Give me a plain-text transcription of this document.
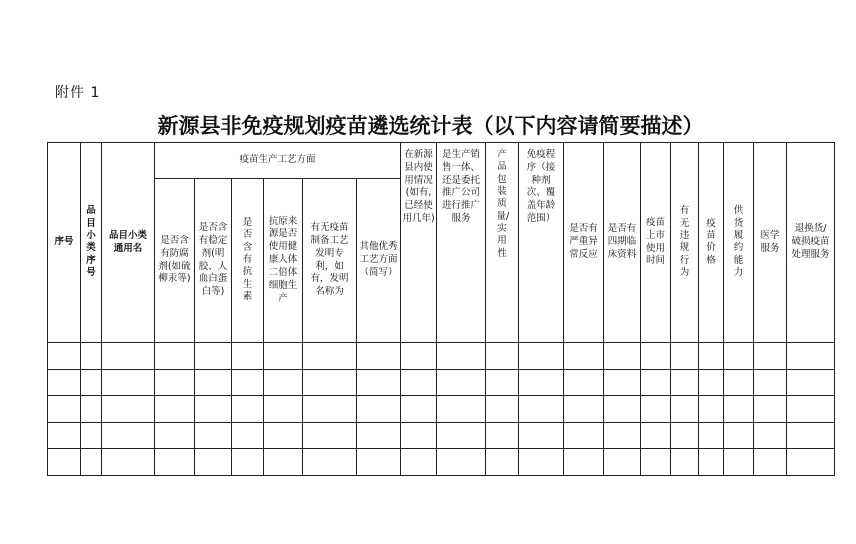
附件 1
新源县非免疫规划疫苗遴选统计表（以下内容请简要描述）
序号	品目小类序号	品目小类通用名	疫苗生产工艺方面						在新源县内使用情况(如有,已经使用几年)	是生产销售一体、还是委托推广公司进行推广服务	产品包装质量/实用性	免疫程序（接种剂次、覆盖年龄范围）	是否有严重异常反应	是否有四期临床资料	疫苗上市使用时间	有无违规行为	疫苗价格	供货履约能力	医学服务	退换货/破损疫苗处理服务
			是否含有防腐剂(如硫柳汞等)	是否含有稳定剂(明胶、人血白蛋白等)	是否含有抗生素	抗原来源是否使用健康人体二倍体细胞生产	有无疫苗制备工艺发明专利，如有，发明名称为	其他优秀工艺方面（简写）												
